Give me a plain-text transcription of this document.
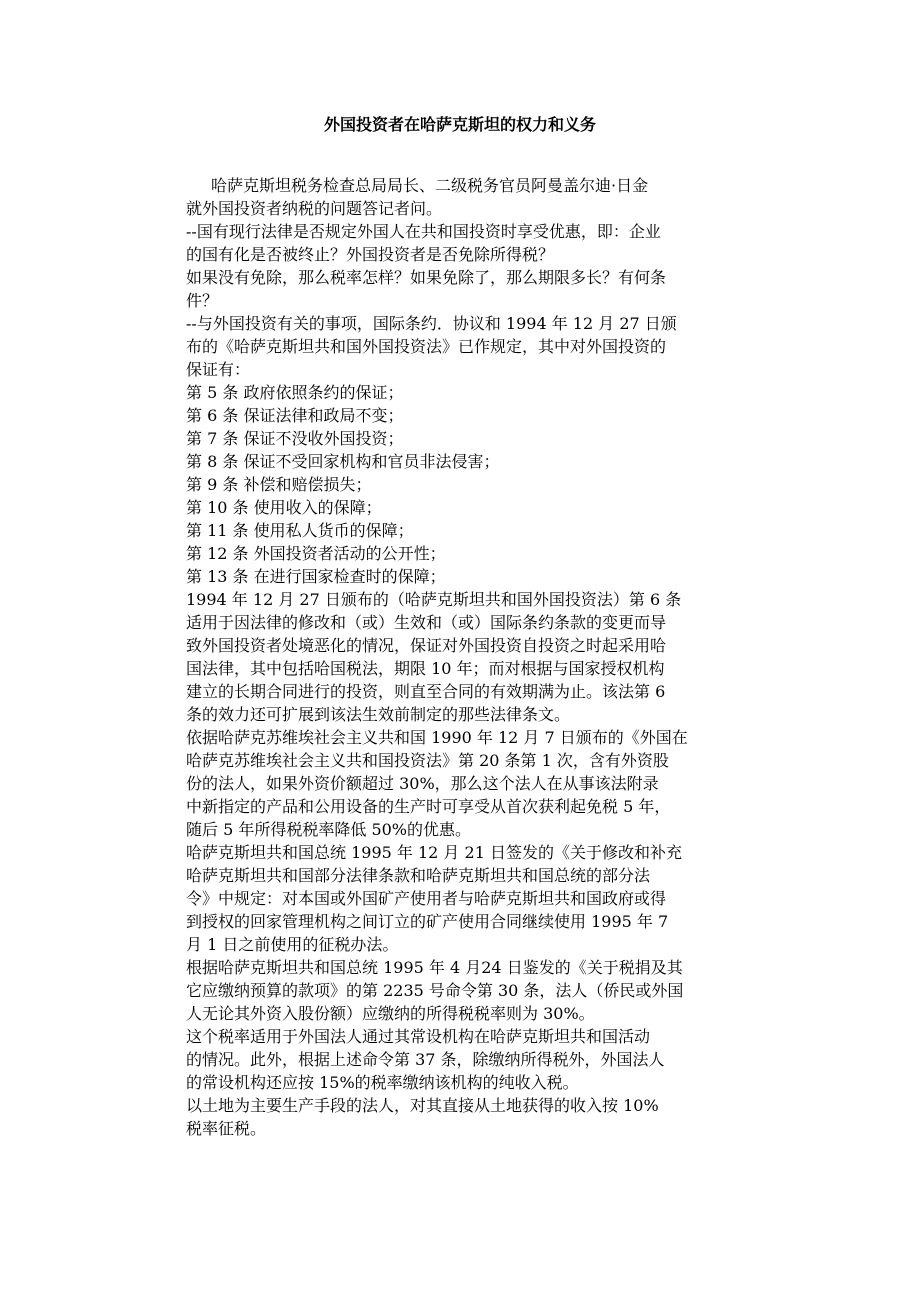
外国投资者在哈萨克斯坦的权力和义务

哈萨克斯坦税务检查总局局长、二级税务官员阿曼盖尔迪·日金

就外国投资者纳税的问题答记者问。

--国有现行法律是否规定外国人在共和国投资时享受优惠，即：企业

的国有化是否被终止？外国投资者是否免除所得税？

如果没有免除，那么税率怎样？如果免除了，那么期限多长？有何条

件？

--与外国投资有关的事项，国际条约．协议和 1994 年 12 月 27 日颁

布的《哈萨克斯坦共和国外国投资法》已作规定，其中对外国投资的

保证有：

第 5 条 政府依照条约的保证；

第 6 条 保证法律和政局不变；

第 7 条 保证不没收外国投资；

第 8 条 保证不受回家机构和官员非法侵害；

第 9 条 补偿和赔偿损失；

第 10 条 使用收入的保障；

第 11 条 使用私人货币的保障；

第 12 条 外国投资者活动的公开性；

第 13 条 在进行国家检查时的保障；

1994 年 12 月 27 日颁布的（哈萨克斯坦共和国外国投资法）第 6 条

适用于因法律的修改和（或）生效和（或）国际条约条款的变更而导

致外国投资者处境恶化的情况，保证对外国投资自投资之时起采用哈

国法律，其中包括哈国税法，期限 10 年；而对根据与国家授权机构

建立的长期合同进行的投资，则直至合同的有效期满为止。该法第 6

条的效力还可扩展到该法生效前制定的那些法律条文。

依据哈萨克苏维埃社会主义共和国 1990 年 12 月 7 日颁布的《外国在

哈萨克苏维埃社会主义共和国投资法》第 20 条第 1 次，含有外资股

份的法人，如果外资价额超过 30%，那么这个法人在从事该法附录

中新指定的产品和公用设备的生产时可享受从首次获利起免税 5 年，

随后 5 年所得税税率降低 50%的优惠。

哈萨克斯坦共和国总统 1995 年 12 月 21 日签发的《关于修改和补充

哈萨克斯坦共和国部分法律条款和哈萨克斯坦共和国总统的部分法

令》中规定：对本国或外国矿产使用者与哈萨克斯坦共和国政府或得

到授权的回家管理机构之间订立的矿产使用合同继续使用 1995 年 7

月 1 日之前使用的征税办法。

根据哈萨克斯坦共和国总统 1995 年 4 月24 日鉴发的《关于税捐及其

它应缴纳预算的款项》的第 2235 号命令第 30 条，法人（侨民或外国

人无论其外资入股份额）应缴纳的所得税税率则为 30%。

这个税率适用于外国法人通过其常设机构在哈萨克斯坦共和国活动

的情况。此外，根据上述命令第 37 条，除缴纳所得税外，外国法人

的常设机构还应按 15%的税率缴纳该机构的纯收入税。

以土地为主要生产手段的法人，对其直接从土地获得的收入按 10%

税率征税。
